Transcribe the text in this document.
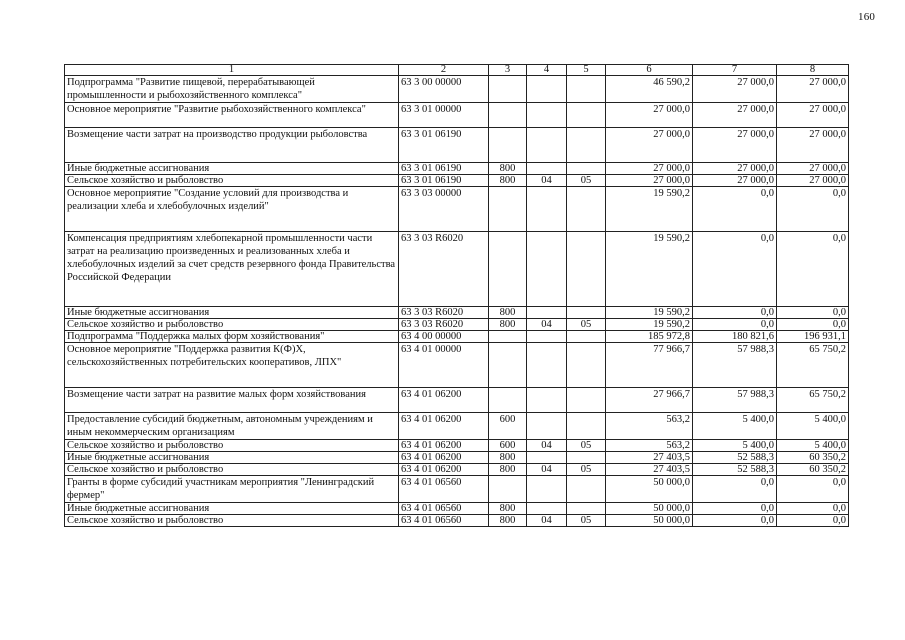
160
1	2	3	4	5	6	7	8
Подпрограмма "Развитие пищевой, перерабатывающей промышленности и рыбохозяйственного комплекса"	63 3 00 00000				46 590,2	27 000,0	27 000,0
Основное мероприятие "Развитие рыбохозяйственного комплекса"	63 3 01 00000				27 000,0	27 000,0	27 000,0
Возмещение части затрат на производство продукции рыболовства	63 3 01 06190				27 000,0	27 000,0	27 000,0
Иные бюджетные ассигнования	63 3 01 06190	800			27 000,0	27 000,0	27 000,0
Сельское хозяйство и рыболовство	63 3 01 06190	800	04	05	27 000,0	27 000,0	27 000,0
Основное мероприятие "Создание условий для производства и реализации хлеба и хлебобулочных изделий"	63 3 03 00000				19 590,2	0,0	0,0
Компенсация предприятиям хлебопекарной промышленности части затрат на реализацию произведенных и реализованных хлеба и хлебобулочных изделий за счет средств резервного фонда Правительства Российской Федерации	63 3 03 R6020				19 590,2	0,0	0,0
Иные бюджетные ассигнования	63 3 03 R6020	800			19 590,2	0,0	0,0
Сельское хозяйство и рыболовство	63 3 03 R6020	800	04	05	19 590,2	0,0	0,0
Подпрограмма "Поддержка малых форм хозяйствования"	63 4 00 00000				185 972,8	180 821,6	196 931,1
Основное мероприятие "Поддержка развития К(Ф)Х, сельскохозяйственных потребительских кооперативов, ЛПХ"	63 4 01 00000				77 966,7	57 988,3	65 750,2
Возмещение части затрат на развитие малых форм хозяйствования	63 4 01 06200				27 966,7	57 988,3	65 750,2
Предоставление субсидий бюджетным, автономным учреждениям и иным некоммерческим организациям	63 4 01 06200	600			563,2	5 400,0	5 400,0
Сельское хозяйство и рыболовство	63 4 01 06200	600	04	05	563,2	5 400,0	5 400,0
Иные бюджетные ассигнования	63 4 01 06200	800			27 403,5	52 588,3	60 350,2
Сельское хозяйство и рыболовство	63 4 01 06200	800	04	05	27 403,5	52 588,3	60 350,2
Гранты в форме субсидий участникам мероприятия "Ленинградский фермер"	63 4 01 06560				50 000,0	0,0	0,0
Иные бюджетные ассигнования	63 4 01 06560	800			50 000,0	0,0	0,0
Сельское хозяйство и рыболовство	63 4 01 06560	800	04	05	50 000,0	0,0	0,0
